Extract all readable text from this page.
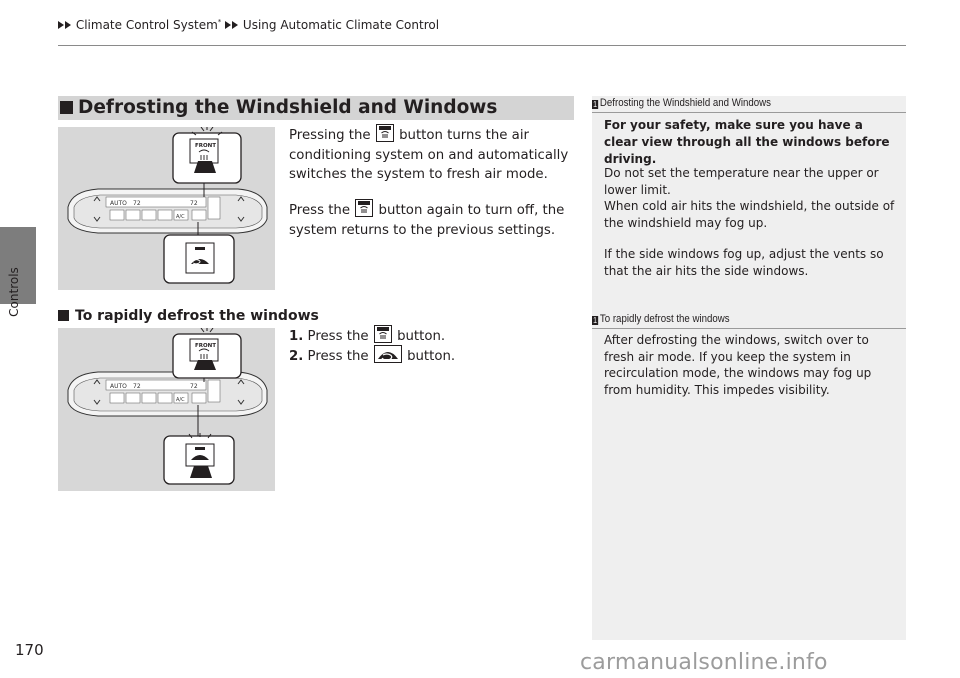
Climate Control System* Using Automatic Climate Control
Controls
170
Defrosting the Windshield and Windows
AUTO 72	72
A/C
FRONT
Pressing the button turns the air conditioning system on and automatically switches the system to fresh air mode.
Press the button again to turn off, the system returns to the previous settings.
To rapidly defrost the windows
AUTO 72	72
A/C
FRONT
1. Press the button.
2. Press the	button.
1 Defrosting the Windshield and Windows
For your safety, make sure you have a clear view through all the windows before driving.
Do not set the temperature near the upper or lower limit.
When cold air hits the windshield, the outside of the windshield may fog up.
If the side windows fog up, adjust the vents so that the air hits the side windows.
1 To rapidly defrost the windows
After defrosting the windows, switch over to fresh air mode. If you keep the system in recirculation mode, the windows may fog up from humidity. This impedes visibility.
carmanualsonline.info
